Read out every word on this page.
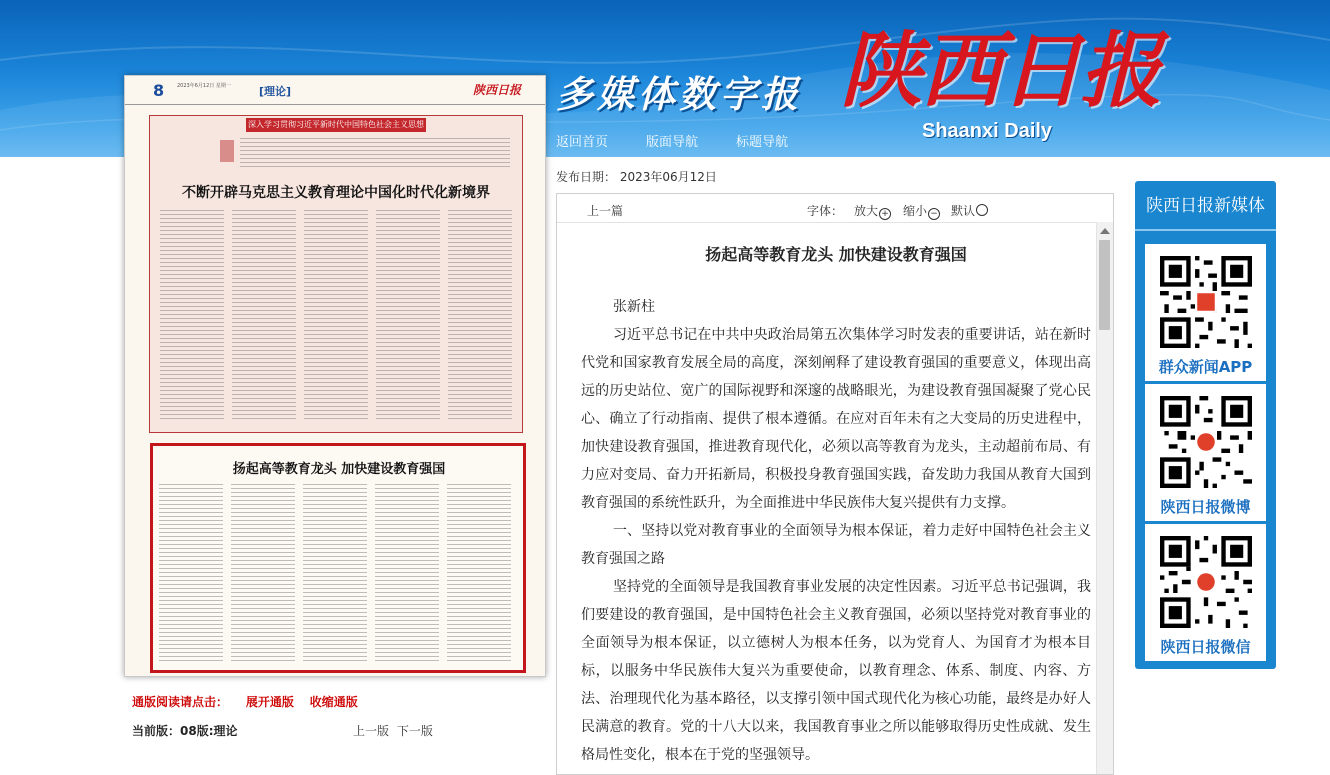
多媒体数字报 陕西日报
Shaanxi Daily
返回首页	版面导航	标题导航
8	2023年6月12日 星期一	[理论]	陕西日报
深入学习贯彻习近平新时代中国特色社会主义思想
不断开辟马克思主义教育理论中国化时代化新境界
扬起高等教育龙头 加快建设教育强国
通版阅读请点击： 展开通版 收缩通版
当前版：08版:理论	上一版 下一版
发布日期： 2023年06月12日
上一篇	字体： 放大 + 缩小 − 默认
扬起高等教育龙头 加快建设教育强国

张新柱

习近平总书记在中共中央政治局第五次集体学习时发表的重要讲话，站在新时代党和国家教育发展全局的高度，深刻阐释了建设教育强国的重要意义，体现出高远的历史站位、宽广的国际视野和深邃的战略眼光，为建设教育强国凝聚了党心民心、确立了行动指南、提供了根本遵循。在应对百年未有之大变局的历史进程中，加快建设教育强国，推进教育现代化，必须以高等教育为龙头，主动超前布局、有力应对变局、奋力开拓新局，积极投身教育强国实践，奋发助力我国从教育大国到教育强国的系统性跃升，为全面推进中华民族伟大复兴提供有力支撑。

一、坚持以党对教育事业的全面领导为根本保证，着力走好中国特色社会主义教育强国之路

坚持党的全面领导是我国教育事业发展的决定性因素。习近平总书记强调，我们要建设的教育强国，是中国特色社会主义教育强国，必须以坚持党对教育事业的全面领导为根本保证，以立德树人为根本任务，以为党育人、为国育才为根本目标，以服务中华民族伟大复兴为重要使命，以教育理念、体系、制度、内容、方法、治理现代化为基本路径，以支撑引领中国式现代化为核心功能，最终是办好人民满意的教育。党的十八大以来，我国教育事业之所以能够取得历史性成就、发生格局性变化，根本在于党的坚强领导。

陕西日报新媒体
群众新闻APP
陕西日报微博
陕西日报微信
